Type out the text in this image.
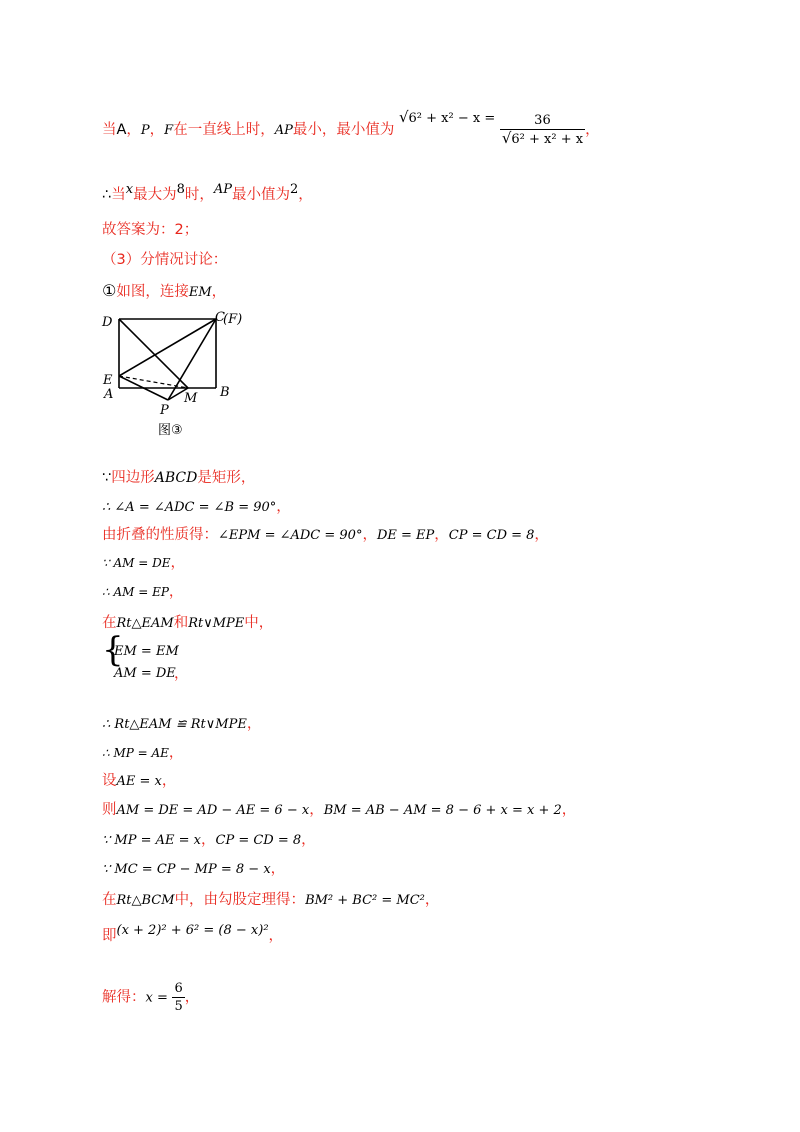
当A，P，F在一直线上时，AP最小，最小值为 $√6^2 + x^2 - x = \frac{36}{\text{√6² + x² + x}}$ ，
∴当$^x$最大为$^8$时，$^{AP}$最小值为$^2$，
故答案为：2；
（3）分情况讨论：
①如图，连接EM，
D	C
(F)
E
A	B
M
P
图③
∵四边形ABCD是矩形，
∴ ∠A = ∠ADC = ∠B = 90°，
由折叠的性质得：∠EPM = ∠ADC = 90°，DE = EP，CP = CD = 8，
∵ AM = DE，
∴ AM = EP，
在Rt△EAM和Rt∨MPE中，
{
EM = EM
AM = DE
，
∴ Rt△EAM ≌ Rt∨MPE，
∴ MP = AE，
设AE = x，
则AM = DE = AD − AE = 6 − x，BM = AB − AM = 8 − 6 + x = x + 2，
∵ MP = AE = x，CP = CD = 8，
∵ MC = CP − MP = 8 − x，
在Rt△BCM中，由勾股定理得：BM² + BC² = MC²，
即(x + 2)² + 6² = (8 − x)²，
解得：$x = \frac{6}{5}$ ，
